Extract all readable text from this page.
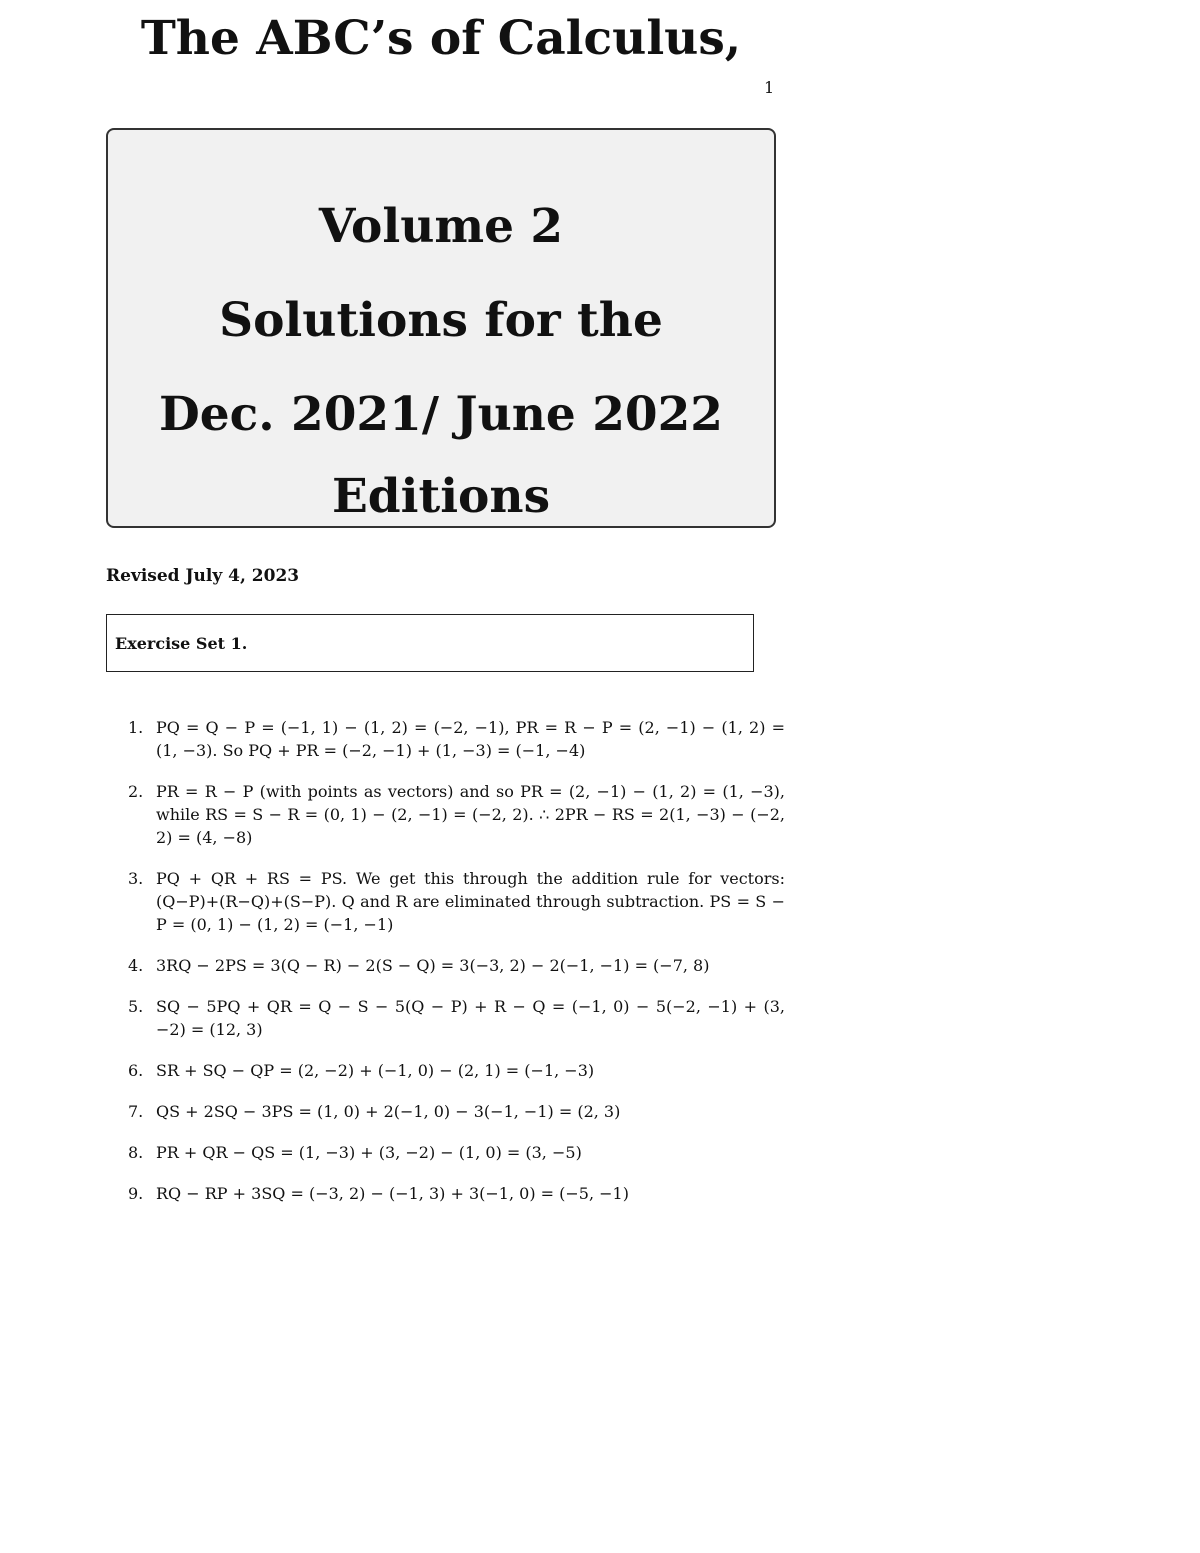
1
The ABC’s of Calculus,
Volume 2
Solutions for the
Dec. 2021/ June 2022
Editions
Revised July 4, 2023
Exercise Set 1.
1. PQ = Q − P = (−1, 1) − (1, 2) = (−2, −1), PR = R − P = (2, −1) − (1, 2) = (1, −3). So PQ + PR = (−2, −1) + (1, −3) = (−1, −4)
2. PR = R − P (with points as vectors) and so PR = (2, −1) − (1, 2) = (1, −3), while RS = S − R = (0, 1) − (2, −1) = (−2, 2). ∴ 2PR − RS = 2(1, −3) − (−2, 2) = (4, −8)
3. PQ + QR + RS = PS. We get this through the addition rule for vectors: (Q−P)+(R−Q)+(S−P). Q and R are eliminated through subtraction. PS = S − P = (0, 1) − (1, 2) = (−1, −1)
4. 3RQ − 2PS = 3(Q − R) − 2(S − Q) = 3(−3, 2) − 2(−1, −1) = (−7, 8)
5. SQ − 5PQ + QR = Q − S − 5(Q − P) + R − Q = (−1, 0) − 5(−2, −1) + (3, −2) = (12, 3)
6. SR + SQ − QP = (2, −2) + (−1, 0) − (2, 1) = (−1, −3)
7. QS + 2SQ − 3PS = (1, 0) + 2(−1, 0) − 3(−1, −1) = (2, 3)
8. PR + QR − QS = (1, −3) + (3, −2) − (1, 0) = (3, −5)
9. RQ − RP + 3SQ = (−3, 2) − (−1, 3) + 3(−1, 0) = (−5, −1)
